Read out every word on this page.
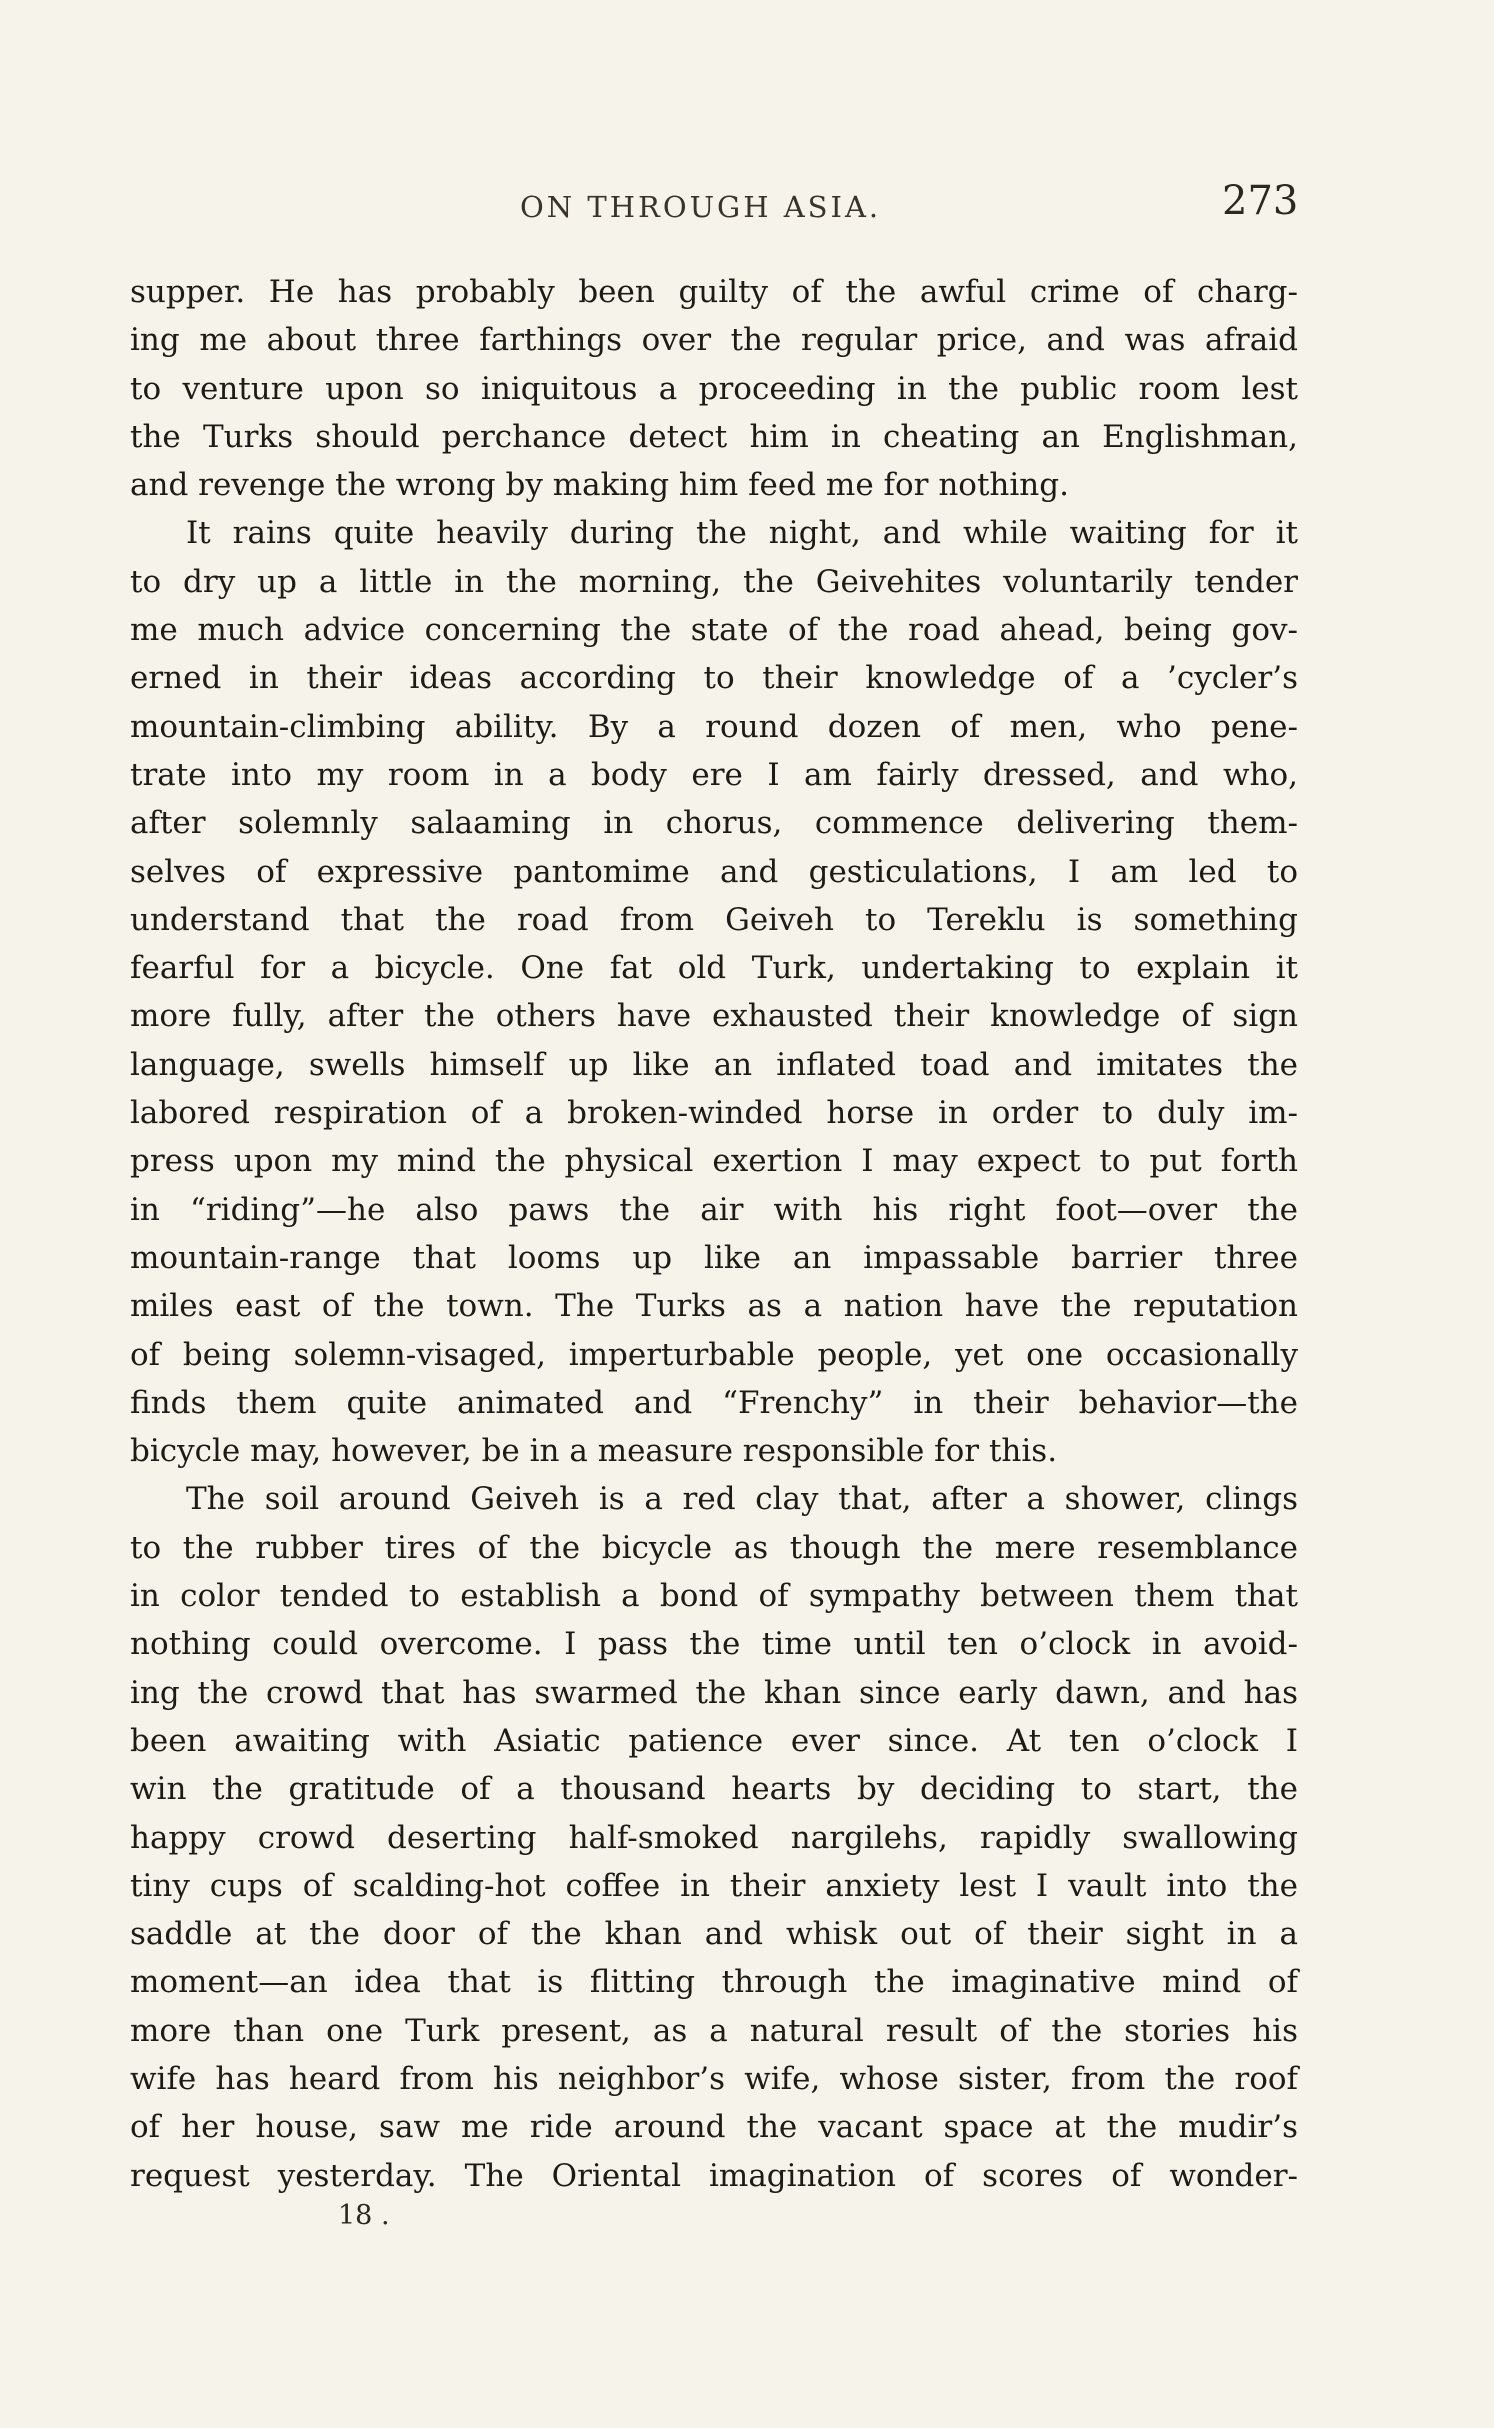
ON THROUGH ASIA.	273
supper. He has probably been guilty of the awful crime of charg-
ing me about three farthings over the regular price, and was afraid
to venture upon so iniquitous a proceeding in the public room lest
the Turks should perchance detect him in cheating an Englishman,
and revenge the wrong by making him feed me for nothing.
It rains quite heavily during the night, and while waiting for it
to dry up a little in the morning, the Geivehites voluntarily tender
me much advice concerning the state of the road ahead, being gov-
erned in their ideas according to their knowledge of a ’cycler’s
mountain-climbing ability. By a round dozen of men, who pene-
trate into my room in a body ere I am fairly dressed, and who,
after solemnly salaaming in chorus, commence delivering them-
selves of expressive pantomime and gesticulations, I am led to
understand that the road from Geiveh to Tereklu is something
fearful for a bicycle. One fat old Turk, undertaking to explain it
more fully, after the others have exhausted their knowledge of sign
language, swells himself up like an inflated toad and imitates the
labored respiration of a broken-winded horse in order to duly im-
press upon my mind the physical exertion I may expect to put forth
in “riding”—he also paws the air with his right foot—over the
mountain-range that looms up like an impassable barrier three
miles east of the town. The Turks as a nation have the reputation
of being solemn-visaged, imperturbable people, yet one occasionally
finds them quite animated and “Frenchy” in their behavior—the
bicycle may, however, be in a measure responsible for this.
The soil around Geiveh is a red clay that, after a shower, clings
to the rubber tires of the bicycle as though the mere resemblance
in color tended to establish a bond of sympathy between them that
nothing could overcome. I pass the time until ten o’clock in avoid-
ing the crowd that has swarmed the khan since early dawn, and has
been awaiting with Asiatic patience ever since. At ten o’clock I
win the gratitude of a thousand hearts by deciding to start, the
happy crowd deserting half-smoked nargilehs, rapidly swallowing
tiny cups of scalding-hot coffee in their anxiety lest I vault into the
saddle at the door of the khan and whisk out of their sight in a
moment—an idea that is flitting through the imaginative mind of
more than one Turk present, as a natural result of the stories his
wife has heard from his neighbor’s wife, whose sister, from the roof
of her house, saw me ride around the vacant space at the mudir’s
request yesterday. The Oriental imagination of scores of wonder-
18 .
